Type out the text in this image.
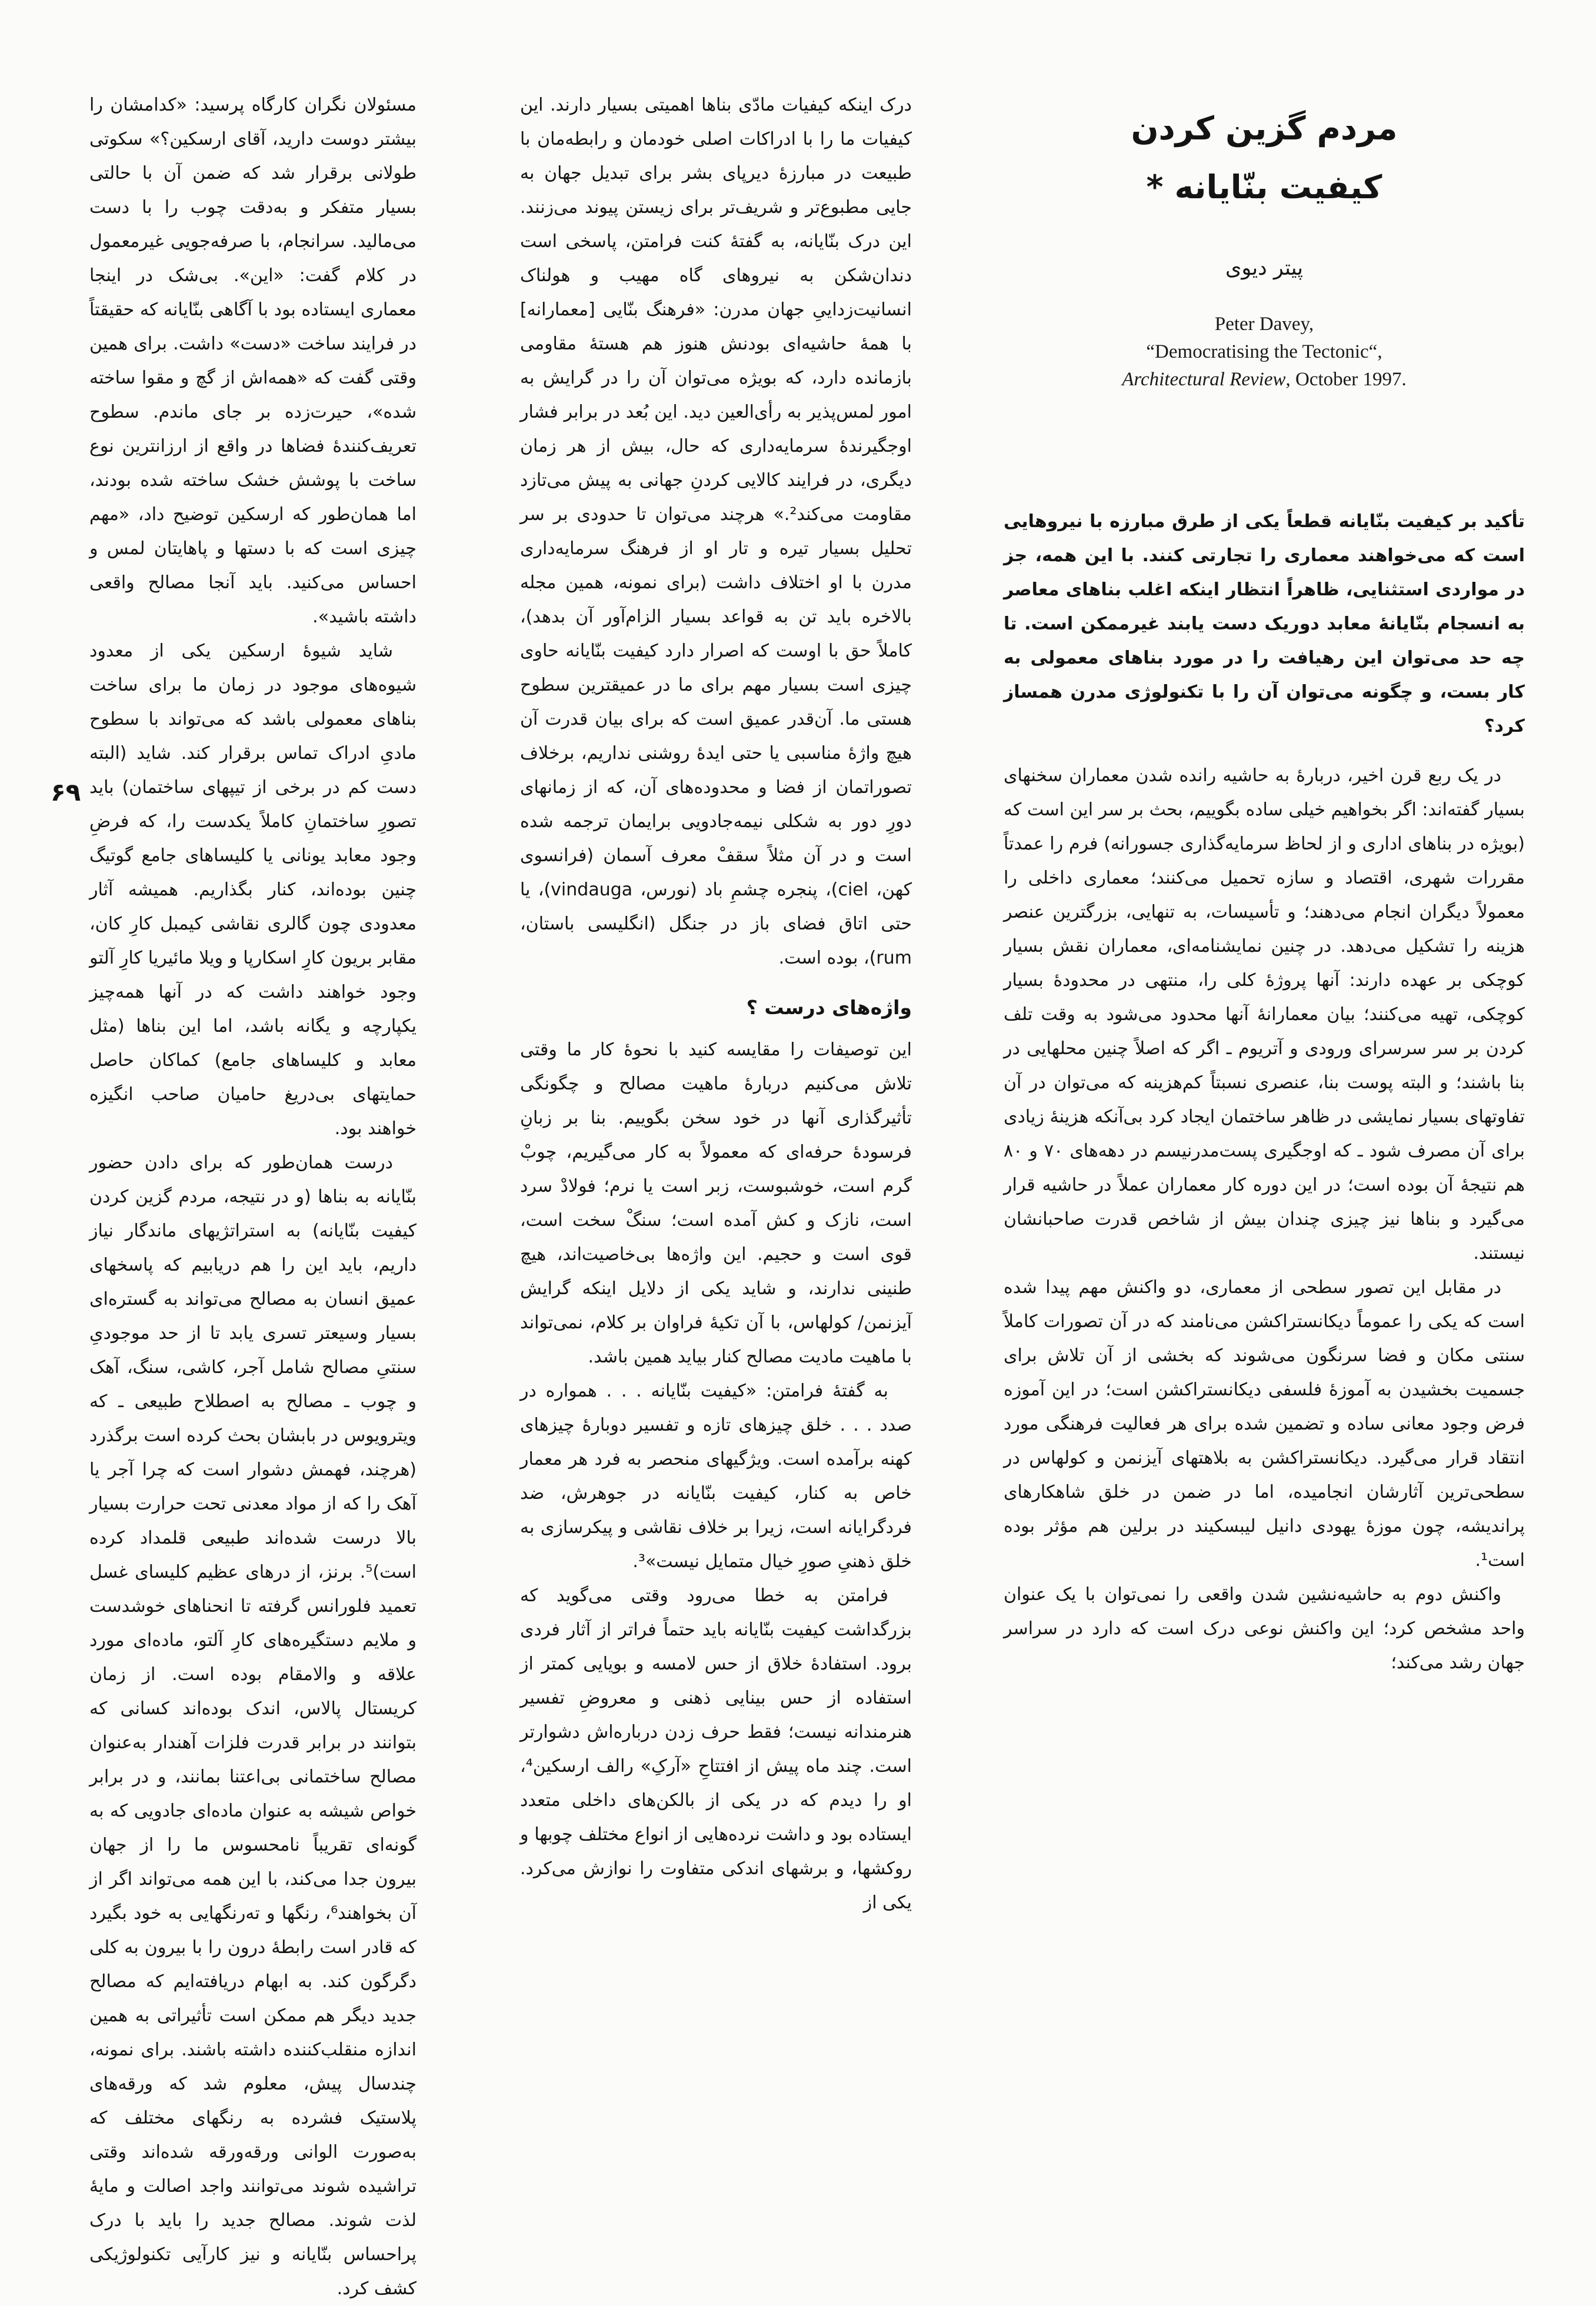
۶۹
مردم گزین کردن
کیفیت بنّایانه *
پیتر دیوی
Peter Davey,
“Democratising the Tectonic“,
Architectural Review, October 1997.

تأکید بر کیفیت بنّایانه قطعاً یکی از طرق مبارزه با نیروهایی است که می‌خواهند معماری را تجارتی کنند. با این همه، جز در مواردی استثنایی، ظاهراً انتظار اینکه اغلب بناهای معاصر به انسجام بنّایانهٔ معابد دوریک دست یابند غیرممکن است. تا چه حد می‌توان این رهیافت را در مورد بناهای معمولی به کار بست، و چگونه می‌توان آن را با تکنولوژی مدرن همساز کرد؟

در یک ربع قرن اخیر، دربارهٔ به حاشیه رانده شدن معماران سخنهای بسیار گفته‌اند: اگر بخواهیم خیلی ساده بگوییم، بحث بر سر این است که (بویژه در بناهای اداری و از لحاظ سرمایه‌گذاری جسورانه) فرم را عمدتاً مقررات شهری، اقتصاد و سازه تحمیل می‌کنند؛ معماری داخلی را معمولاً دیگران انجام می‌دهند؛ و تأسیسات، به تنهایی، بزرگترین عنصر هزینه را تشکیل می‌دهد. در چنین نمایشنامه‌ای، معماران نقش بسیار کوچکی بر عهده دارند: آنها پروژهٔ کلی را، منتهی در محدودهٔ بسیار کوچکی، تهیه می‌کنند؛ بیان معمارانهٔ آنها محدود می‌شود به وقت تلف کردن بر سر سرسرای ورودی و آتریوم ـ اگر که اصلاً چنین محلهایی در بنا باشند؛ و البته پوست بنا، عنصری نسبتاً کم‌هزینه که می‌توان در آن تفاوتهای بسیار نمایشی در ظاهر ساختمان ایجاد کرد بی‌آنکه هزینهٔ زیادی برای آن مصرف شود ـ که اوجگیری پست‌مدرنیسم در دهه‌های ۷۰ و ۸۰ هم نتیجهٔ آن بوده است؛ در این دوره کار معماران عملاً در حاشیه قرار می‌گیرد و بناها نیز چیزی چندان بیش از شاخص قدرت صاحبانشان نیستند.

در مقابل این تصور سطحی از معماری، دو واکنش مهم پیدا شده است که یکی را عموماً دیکانستراکشن می‌نامند که در آن تصورات کاملاً سنتی مکان و فضا سرنگون می‌شوند که بخشی از آن تلاش برای جسمیت بخشیدن به آموزهٔ فلسفی دیکانستراکشن است؛ در این آموزه فرض وجود معانی ساده و تضمین شده برای هر فعالیت فرهنگی مورد انتقاد قرار می‌گیرد. دیکانستراکشن به بلاهتهای آیزنمن و کولهاس در سطحی‌ترین آثارشان انجامیده، اما در ضمن در خلق شاهکارهای پراندیشه، چون موزهٔ یهودی دانیل لیبسکیند در برلین هم مؤثر بوده است¹.

واکنش دوم به حاشیه‌نشین شدن واقعی را نمی‌توان با یک عنوان واحد مشخص کرد؛ این واکنش نوعی درک است که دارد در سراسر جهان رشد می‌کند؛

درک اینکه کیفیات مادّی بناها اهمیتی بسیار دارند. این کیفیات ما را با ادراکات اصلی خودمان و رابطه‌مان با طبیعت در مبارزهٔ دیرپای بشر برای تبدیل جهان به جایی مطبوع‌تر و شریف‌تر برای زیستن پیوند می‌زنند. این درک بنّایانه، به گفتهٔ کنت فرامتن، پاسخی است دندان‌شکن به نیروهای گاه مهیب و هولناک انسانیت‌زداییِ جهان مدرن: «فرهنگ بنّایی [معمارانه] با همهٔ حاشیه‌ای بودنش هنوز هم هستهٔ مقاومی بازمانده دارد، که بویژه می‌توان آن را در گرایش به امور لمس‌پذیر به رأی‌العین دید. این بُعد در برابر فشار اوجگیرندهٔ سرمایه‌داری که حال، بیش از هر زمان دیگری، در فرایند کالایی کردنِ جهانی به پیش می‌تازد مقاومت می‌کند².» هرچند می‌توان تا حدودی بر سر تحلیل بسیار تیره و تار او از فرهنگ سرمایه‌داری مدرن با او اختلاف داشت (برای نمونه، همین مجله بالاخره باید تن به قواعد بسیار الزام‌آور آن بدهد)، کاملاً حق با اوست که اصرار دارد کیفیت بنّایانه حاوی چیزی است بسیار مهم برای ما در عمیقترین سطوح هستی ما. آن‌قدر عمیق است که برای بیان قدرت آن هیچ واژهٔ مناسبی یا حتی ایدهٔ روشنی نداریم، برخلاف تصوراتمان از فضا و محدوده‌های آن، که از زمانهای دورِ دور به شکلی نیمه‌جادویی برایمان ترجمه شده است و در آن مثلاً سقفْ معرف آسمان (فرانسوی کهن، ciel)، پنجره چشمِ باد (نورس، vindauga)، یا حتی اتاق فضای باز در جنگل (انگلیسی باستان، rum)، بوده است.

واژه‌های درست ؟

این توصیفات را مقایسه کنید با نحوهٔ کار ما وقتی تلاش می‌کنیم دربارهٔ ماهیت مصالح و چگونگی تأثیرگذاری آنها در خود سخن بگوییم. بنا بر زبانِ فرسودهٔ حرفه‌ای که معمولاً به کار می‌گیریم، چوبْ گرم است، خوشبوست، زبر است یا نرم؛ فولادْ سرد است، نازک و کش آمده است؛ سنگْ سخت است، قوی است و حجیم. این واژه‌ها بی‌خاصیت‌اند، هیچ طنینی ندارند، و شاید یکی از دلایل اینکه گرایش آیزنمن/ کولهاس، با آن تکیهٔ فراوان بر کلام، نمی‌تواند با ماهیت مادیت مصالح کنار بیاید همین باشد.

به گفتهٔ فرامتن: «کیفیت بنّایانه . . . همواره در صدد . . . خلق چیزهای تازه و تفسیر دوبارهٔ چیزهای کهنه برآمده است. ویژگیهای منحصر به فرد هر معمار خاص به کنار، کیفیت بنّایانه در جوهرش، ضد فردگرایانه است، زیرا بر خلاف نقاشی و پیکرسازی به خلق ذهنیِ صورِ خیال متمایل نیست»³.

فرامتن به خطا می‌رود وقتی می‌گوید که بزرگداشت کیفیت بنّایانه باید حتماً فراتر از آثار فردی برود. استفادهٔ خلاق از حس لامسه و بویایی کمتر از استفاده از حس بینایی ذهنی و معروضِ تفسیر هنرمندانه نیست؛ فقط حرف زدن درباره‌اش دشوارتر است. چند ماه پیش از افتتاحِ «آرکِ» رالف ارسکین⁴، او را دیدم که در یکی از بالکن‌های داخلی متعدد ایستاده بود و داشت نرده‌هایی از انواع مختلف چوبها و روکشها، و برشهای اندکی متفاوت را نوازش می‌کرد. یکی از

مسئولان نگران کارگاه پرسید: «کدامشان را بیشتر دوست دارید، آقای ارسکین؟» سکوتی طولانی برقرار شد که ضمن آن با حالتی بسیار متفکر و به‌دقت چوب را با دست می‌مالید. سرانجام، با صرفه‌جویی غیرمعمول در کلام گفت: «این». بی‌شک در اینجا معماری ایستاده بود با آگاهی بنّایانه که حقیقتاً در فرایند ساخت «دست» داشت. برای همین وقتی گفت که «همه‌اش از گچ و مقوا ساخته شده»، حیرت‌زده بر جای ماندم. سطوح تعریف‌کنندهٔ فضاها در واقع از ارزانترین نوع ساخت با پوشش خشک ساخته شده بودند، اما همان‌طور که ارسکین توضیح داد، «مهم چیزی است که با دستها و پاهایتان لمس و احساس می‌کنید. باید آنجا مصالح واقعی داشته باشید».

شاید شیوهٔ ارسکین یکی از معدود شیوه‌های موجود در زمان ما برای ساخت بناهای معمولی باشد که می‌تواند با سطوح مادیِ ادراک تماس برقرار کند. شاید (البته دست کم در برخی از تیپهای ساختمان) باید تصورِ ساختمانِ کاملاً یکدست را، که فرضِ وجود معابد یونانی یا کلیساهای جامع گوتیگ چنین بوده‌اند، کنار بگذاریم. همیشه آثار معدودی چون گالری نقاشی کیمبل کارِ کان، مقابر بریون کارِ اسکارپا و ویلا مائیریا کارِ آلتو وجود خواهند داشت که در آنها همه‌چیز یکپارچه و یگانه باشد، اما این بناها (مثل معابد و کلیساهای جامع) کماکان حاصل حمایتهای بی‌دریغ حامیان صاحب انگیزه خواهند بود.

درست همان‌طور که برای دادن حضور بنّایانه به بناها (و در نتیجه، مردم گزین کردن کیفیت بنّایانه) به استراتژیهای ماندگار نیاز داریم، باید این را هم دریابیم که پاسخهای عمیق انسان به مصالح می‌تواند به گستره‌ای بسیار وسیعتر تسری یابد تا از حد موجودیِ سنتیِ مصالح شامل آجر، کاشی، سنگ، آهک و چوب ـ مصالح به اصطلاح طبیعی ـ که ویترویوس در بابشان بحث کرده است برگذرد (هرچند، فهمش دشوار است که چرا آجر یا آهک را که از مواد معدنی تحت حرارت بسیار بالا درست شده‌اند طبیعی قلمداد کرده است)⁵. برنز، از درهای عظیم کلیسای غسل تعمید فلورانس گرفته تا انحناهای خوشدست و ملایم دستگیره‌های کارِ آلتو، ماده‌ای مورد علاقه و والامقام بوده است. از زمان کریستال پالاس، اندک بوده‌اند کسانی که بتوانند در برابر قدرت فلزات آهندار به‌عنوان مصالح ساختمانی بی‌اعتنا بمانند، و در برابر خواص شیشه به عنوان ماده‌ای جادویی که به گونه‌ای تقریباً نامحسوس ما را از جهان بیرون جدا می‌کند، با این همه می‌تواند اگر از آن بخواهند⁶، رنگها و ته‌رنگهایی به خود بگیرد که قادر است رابطهٔ درون را با بیرون به کلی دگرگون کند. به ابهام دریافته‌ایم که مصالح جدید دیگر هم ممکن است تأثیراتی به همین اندازه منقلب‌کننده داشته باشند. برای نمونه، چندسال پیش، معلوم شد که ورقه‌های پلاستیک فشرده به رنگهای مختلف که به‌صورت الوانی ورقه‌ورقه شده‌اند وقتی تراشیده شوند می‌توانند واجد اصالت و مایهٔ لذت شوند. مصالح جدید را باید با درک پراحساس بنّایانه و نیز کارآیی تکنولوژیکی کشف کرد.
